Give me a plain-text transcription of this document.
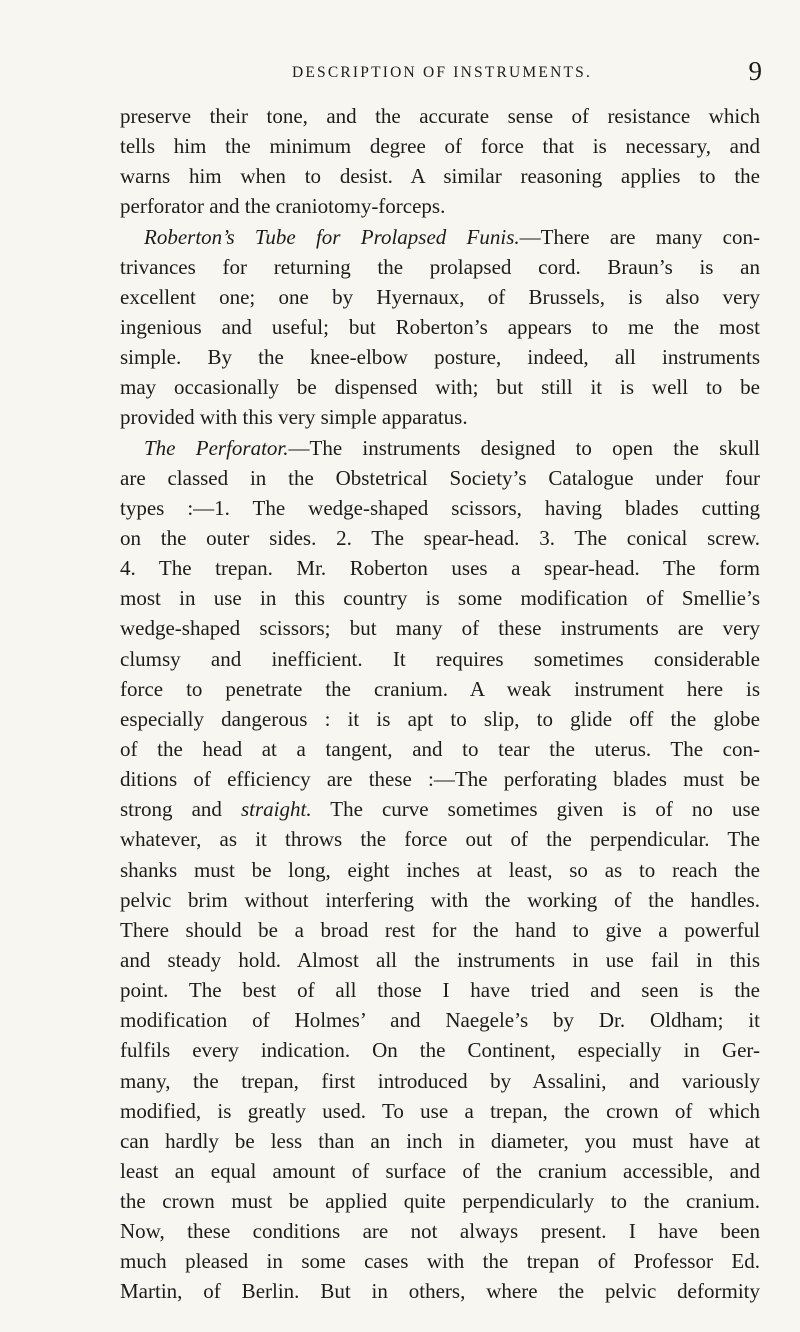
DESCRIPTION OF INSTRUMENTS.	9
preserve their tone, and the accurate sense of resistance which
tells him the minimum degree of force that is necessary, and
warns him when to desist. A similar reasoning applies to the
perforator and the craniotomy-forceps.
Roberton’s Tube for Prolapsed Funis.—There are many con-
trivances for returning the prolapsed cord. Braun’s is an
excellent one; one by Hyernaux, of Brussels, is also very
ingenious and useful; but Roberton’s appears to me the most
simple. By the knee-elbow posture, indeed, all instruments
may occasionally be dispensed with; but still it is well to be
provided with this very simple apparatus.
The Perforator.—The instruments designed to open the skull
are classed in the Obstetrical Society’s Catalogue under four
types :—1. The wedge-shaped scissors, having blades cutting
on the outer sides. 2. The spear-head. 3. The conical screw.
4. The trepan. Mr. Roberton uses a spear-head. The form
most in use in this country is some modification of Smellie’s
wedge-shaped scissors; but many of these instruments are very
clumsy and inefficient. It requires sometimes considerable
force to penetrate the cranium. A weak instrument here is
especially dangerous : it is apt to slip, to glide off the globe
of the head at a tangent, and to tear the uterus. The con-
ditions of efficiency are these :—The perforating blades must be
strong and straight. The curve sometimes given is of no use
whatever, as it throws the force out of the perpendicular. The
shanks must be long, eight inches at least, so as to reach the
pelvic brim without interfering with the working of the handles.
There should be a broad rest for the hand to give a powerful
and steady hold. Almost all the instruments in use fail in this
point. The best of all those I have tried and seen is the
modification of Holmes’ and Naegele’s by Dr. Oldham; it
fulfils every indication. On the Continent, especially in Ger-
many, the trepan, first introduced by Assalini, and variously
modified, is greatly used. To use a trepan, the crown of which
can hardly be less than an inch in diameter, you must have at
least an equal amount of surface of the cranium accessible, and
the crown must be applied quite perpendicularly to the cranium.
Now, these conditions are not always present. I have been
much pleased in some cases with the trepan of Professor Ed.
Martin, of Berlin. But in others, where the pelvic deformity
